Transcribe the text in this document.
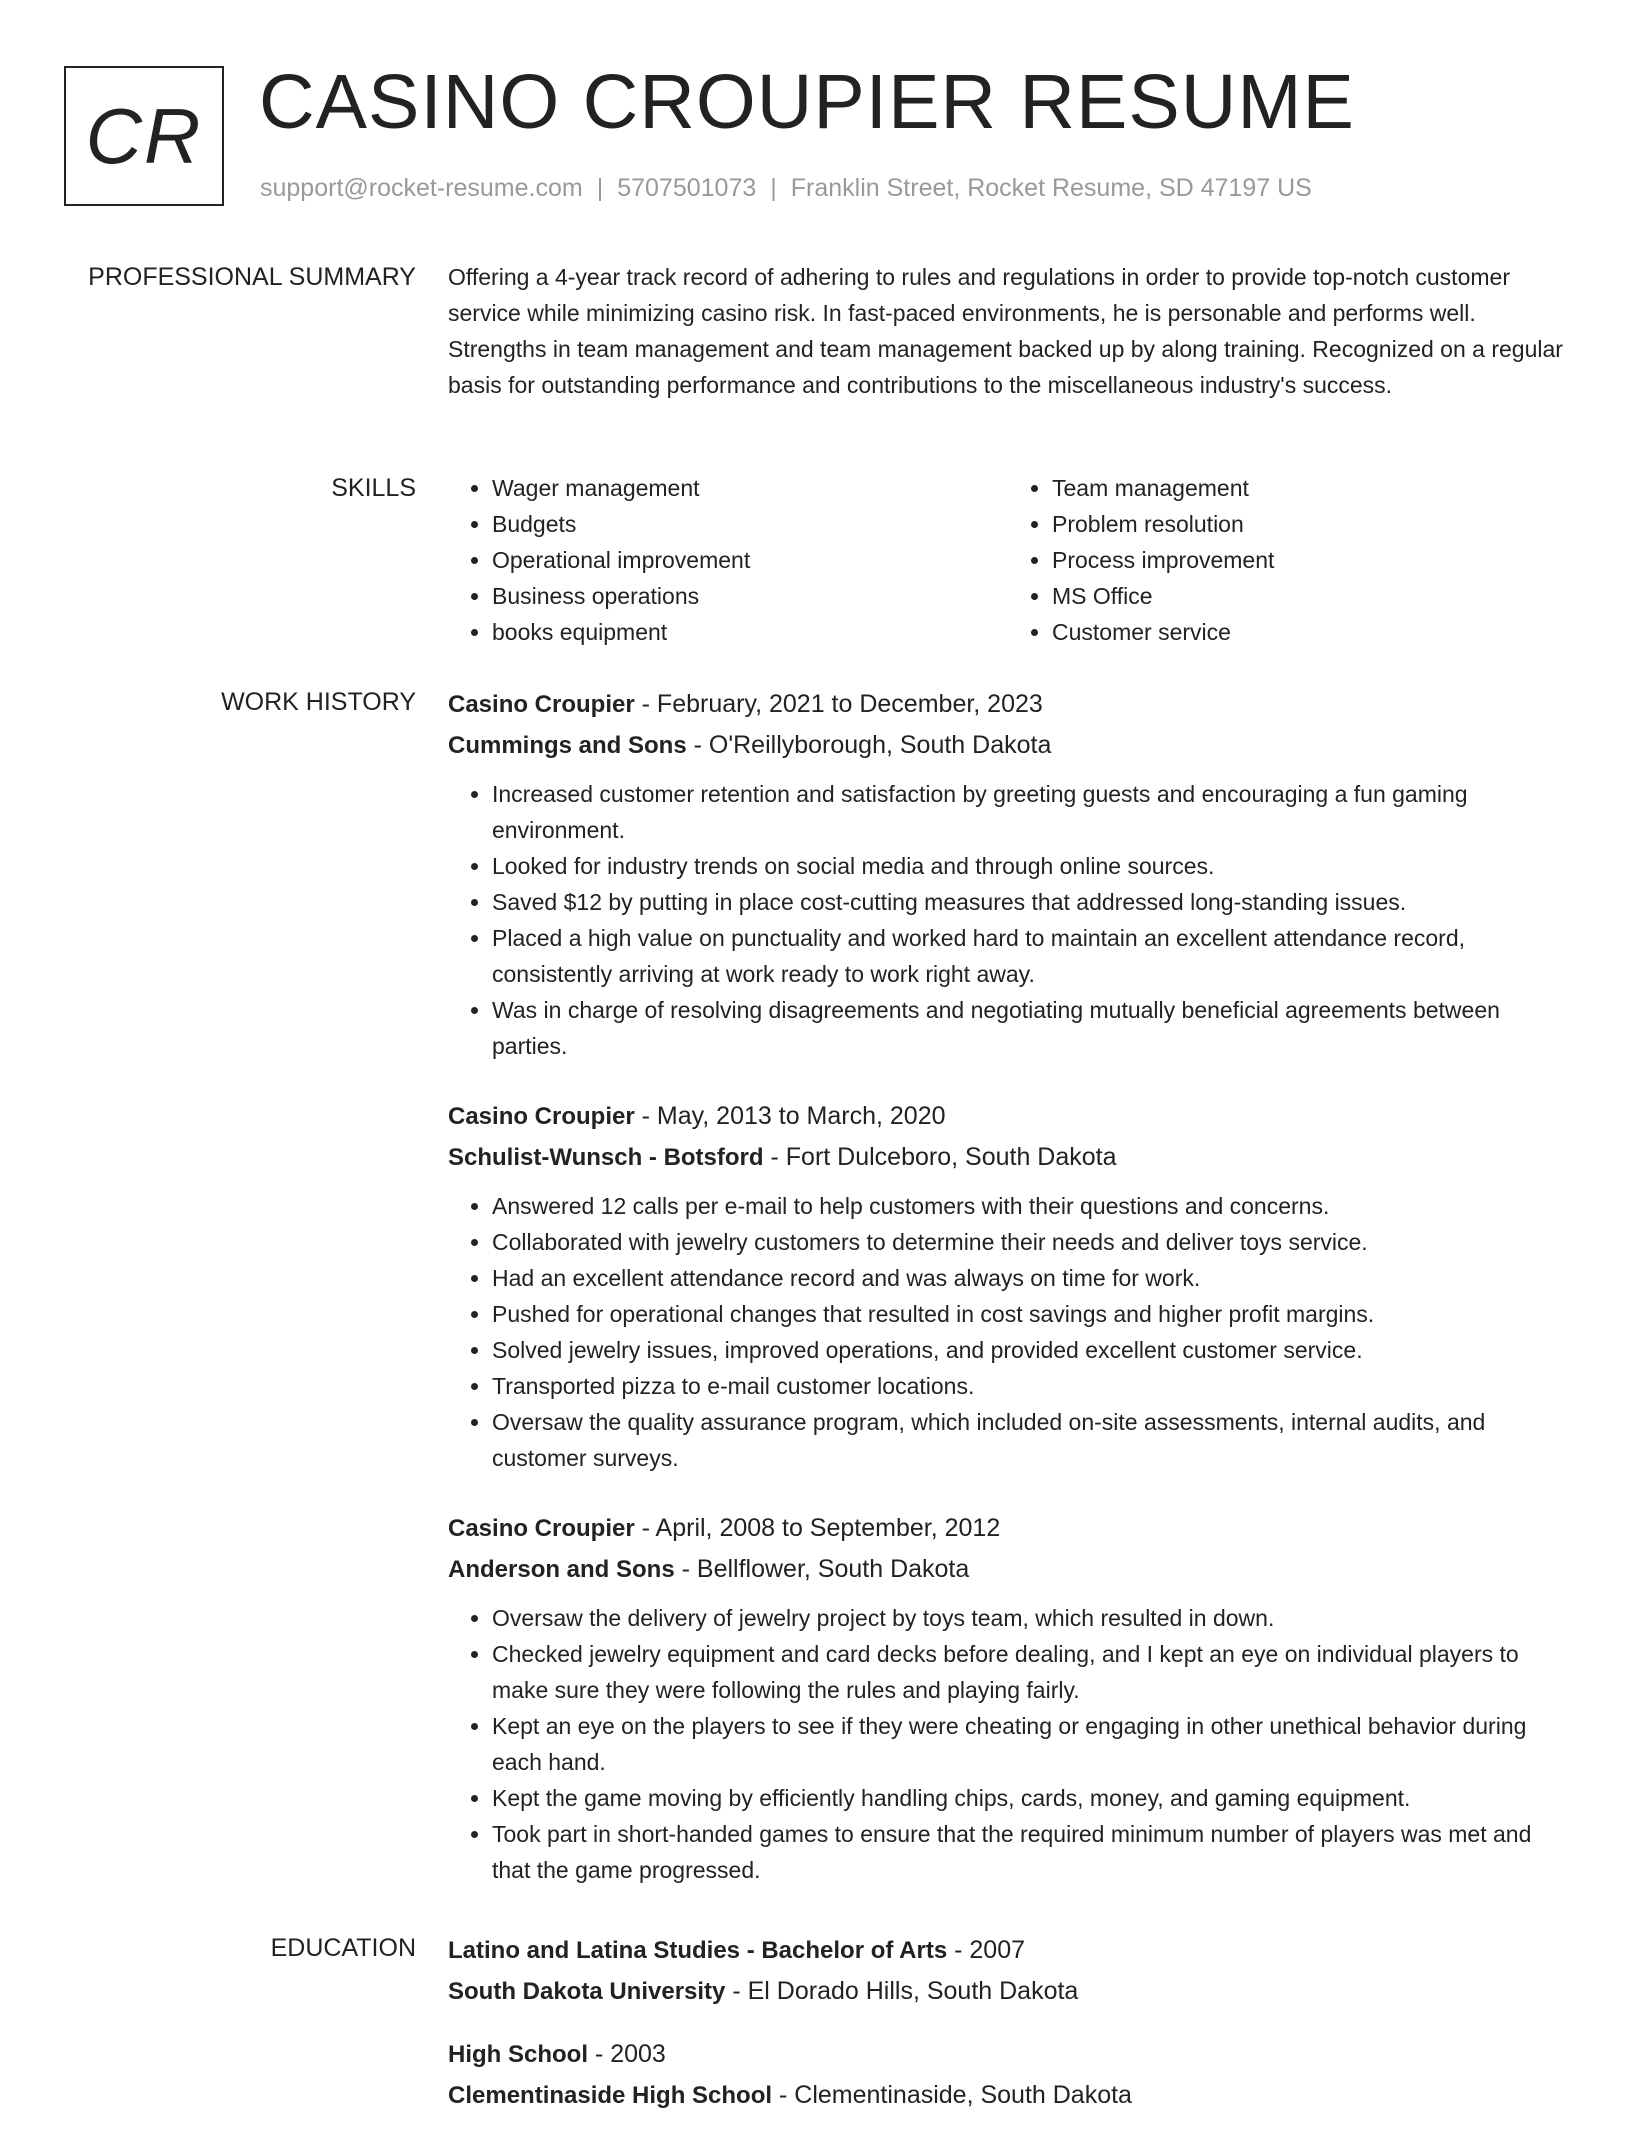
CR CASINO CROUPIER RESUME
support@rocket-resume.com | 5707501073 | Franklin Street, Rocket Resume, SD 47197 US
PROFESSIONAL SUMMARY Offering a 4-year track record of adhering to rules and regulations in order to provide top-notch customer service while minimizing casino risk. In fast-paced environments, he is personable and performs well. Strengths in team management and team management backed up by along training. Recognized on a regular basis for outstanding performance and contributions to the miscellaneous industry's success.

SKILLS
•	Wager management
• Budgets
• Operational improvement
• Business operations
• books equipment
• Team management
• Problem resolution
• Process improvement
• MS Office
• Customer service
WORK HISTORY Casino Croupier - February, 2021 to December, 2023
Cummings and Sons - O'Reillyborough, South Dakota
• Increased customer retention and satisfaction by greeting guests and encouraging a fun gaming environment.
• Looked for industry trends on social media and through online sources.
• Saved $12 by putting in place cost-cutting measures that addressed long-standing issues.
• Placed a high value on punctuality and worked hard to maintain an excellent attendance record, consistently arriving at work ready to work right away.
• Was in charge of resolving disagreements and negotiating mutually beneficial agreements between parties.
Casino Croupier - May, 2013 to March, 2020
Schulist-Wunsch - Botsford - Fort Dulceboro, South Dakota
• Answered 12 calls per e-mail to help customers with their questions and concerns.
• Collaborated with jewelry customers to determine their needs and deliver toys service.
• Had an excellent attendance record and was always on time for work.
• Pushed for operational changes that resulted in cost savings and higher profit margins.
• Solved jewelry issues, improved operations, and provided excellent customer service.
• Transported pizza to e-mail customer locations.
• Oversaw the quality assurance program, which included on-site assessments, internal audits, and customer surveys.
Casino Croupier - April, 2008 to September, 2012
Anderson and Sons - Bellflower, South Dakota
• Oversaw the delivery of jewelry project by toys team, which resulted in down.
• Checked jewelry equipment and card decks before dealing, and I kept an eye on individual players to make sure they were following the rules and playing fairly.
• Kept an eye on the players to see if they were cheating or engaging in other unethical behavior during each hand.
• Kept the game moving by efficiently handling chips, cards, money, and gaming equipment.
• Took part in short-handed games to ensure that the required minimum number of players was met and that the game progressed.
EDUCATION Latino and Latina Studies - Bachelor of Arts - 2007
South Dakota University - El Dorado Hills, South Dakota
High School - 2003
Clementinaside High School - Clementinaside, South Dakota
